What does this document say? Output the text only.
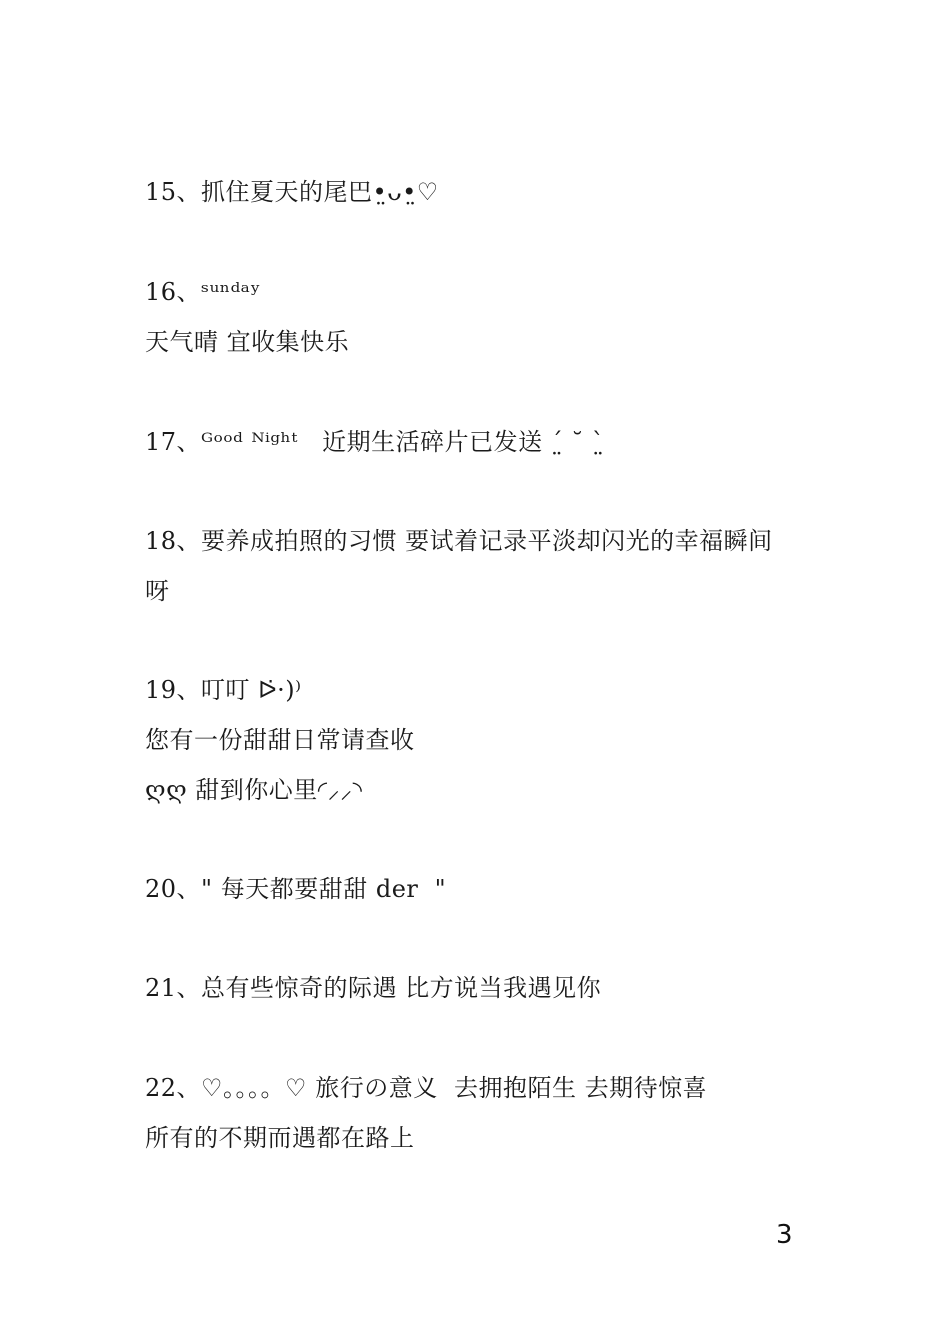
15、抓住夏天的尾巴•̤ᴗ•̤♡
16、ˢᵘⁿᵈᵃʸ
天气晴 宜收集快乐
17、ᴳᵒᵒᵈ ᴺⁱᵍʰᵗ   近期生活碎片已发送 ˊ̤ ˘ ˋ̤
18、要养成拍照的习惯 要试着记录平淡却闪光的幸福瞬间
呀
19、叮叮 ᐅ̇·)⁾
您有一份甜甜日常请查收
ღღ 甜到你心里◜⸝⸝◝
20、" 每天都要甜甜 der  "
21、总有些惊奇的际遇 比方说当我遇见你
22、♡。。。。♡ 旅行の意义  去拥抱陌生 去期待惊喜
所有的不期而遇都在路上
3
